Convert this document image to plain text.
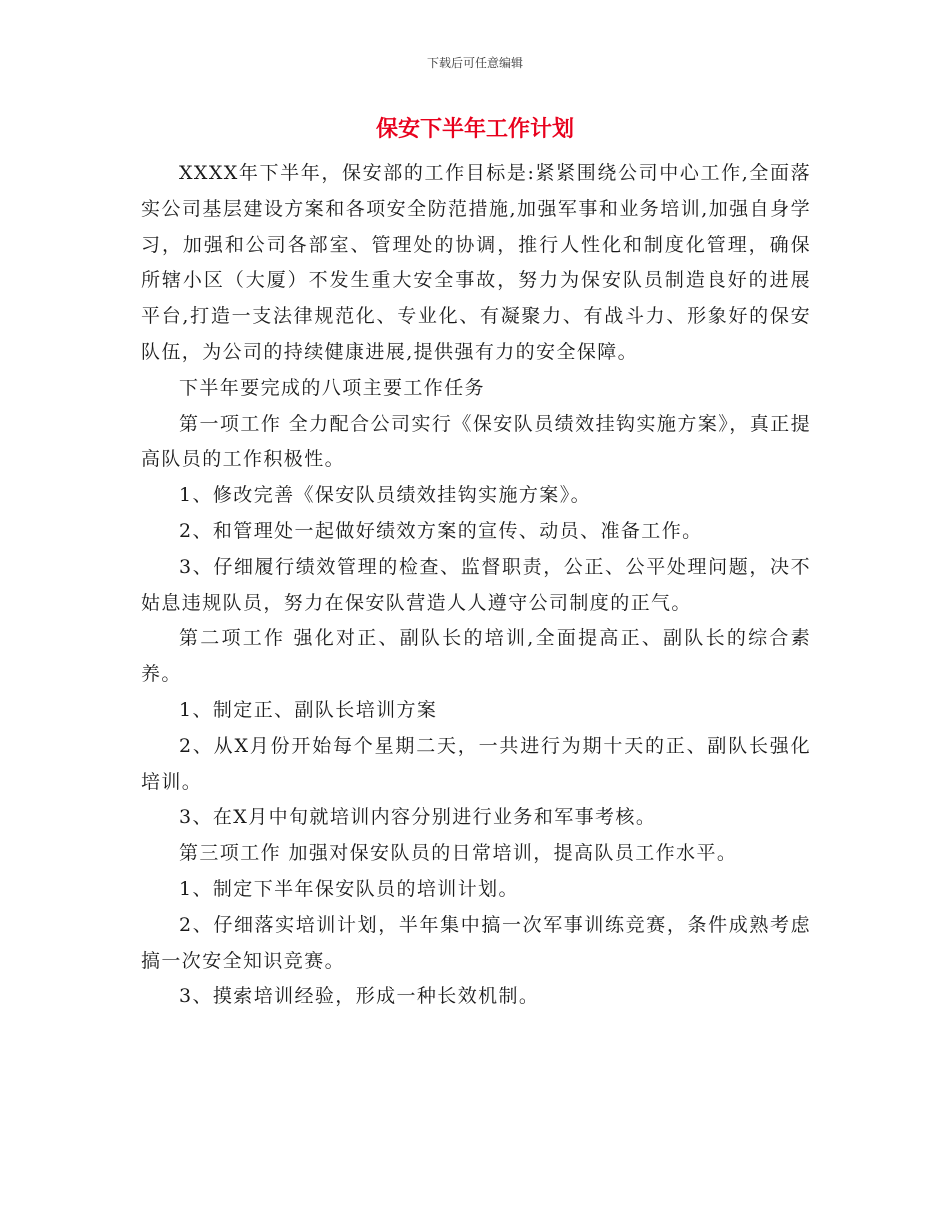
下载后可任意编辑
保安下半年工作计划

XXXX年下半年，保安部的工作目标是:紧紧围绕公司中心工作,全面落实公司基层建设方案和各项安全防范措施,加强军事和业务培训,加强自身学习，加强和公司各部室、管理处的协调，推行人性化和制度化管理，确保所辖小区（大厦）不发生重大安全事故，努力为保安队员制造良好的进展平台,打造一支法律规范化、专业化、有凝聚力、有战斗力、形象好的保安队伍，为公司的持续健康进展,提供强有力的安全保障。

下半年要完成的八项主要工作任务

第一项工作 全力配合公司实行《保安队员绩效挂钩实施方案》，真正提高队员的工作积极性。

1、修改完善《保安队员绩效挂钩实施方案》。

2、和管理处一起做好绩效方案的宣传、动员、准备工作。

3、仔细履行绩效管理的检查、监督职责，公正、公平处理问题，决不姑息违规队员，努力在保安队营造人人遵守公司制度的正气。

第二项工作 强化对正、副队长的培训,全面提高正、副队长的综合素养。

1、制定正、副队长培训方案

2、从X月份开始每个星期二天，一共进行为期十天的正、副队长强化培训。

3、在X月中旬就培训内容分别进行业务和军事考核。

第三项工作 加强对保安队员的日常培训，提高队员工作水平。

1、制定下半年保安队员的培训计划。

2、仔细落实培训计划，半年集中搞一次军事训练竞赛，条件成熟考虑搞一次安全知识竞赛。

3、摸索培训经验，形成一种长效机制。
